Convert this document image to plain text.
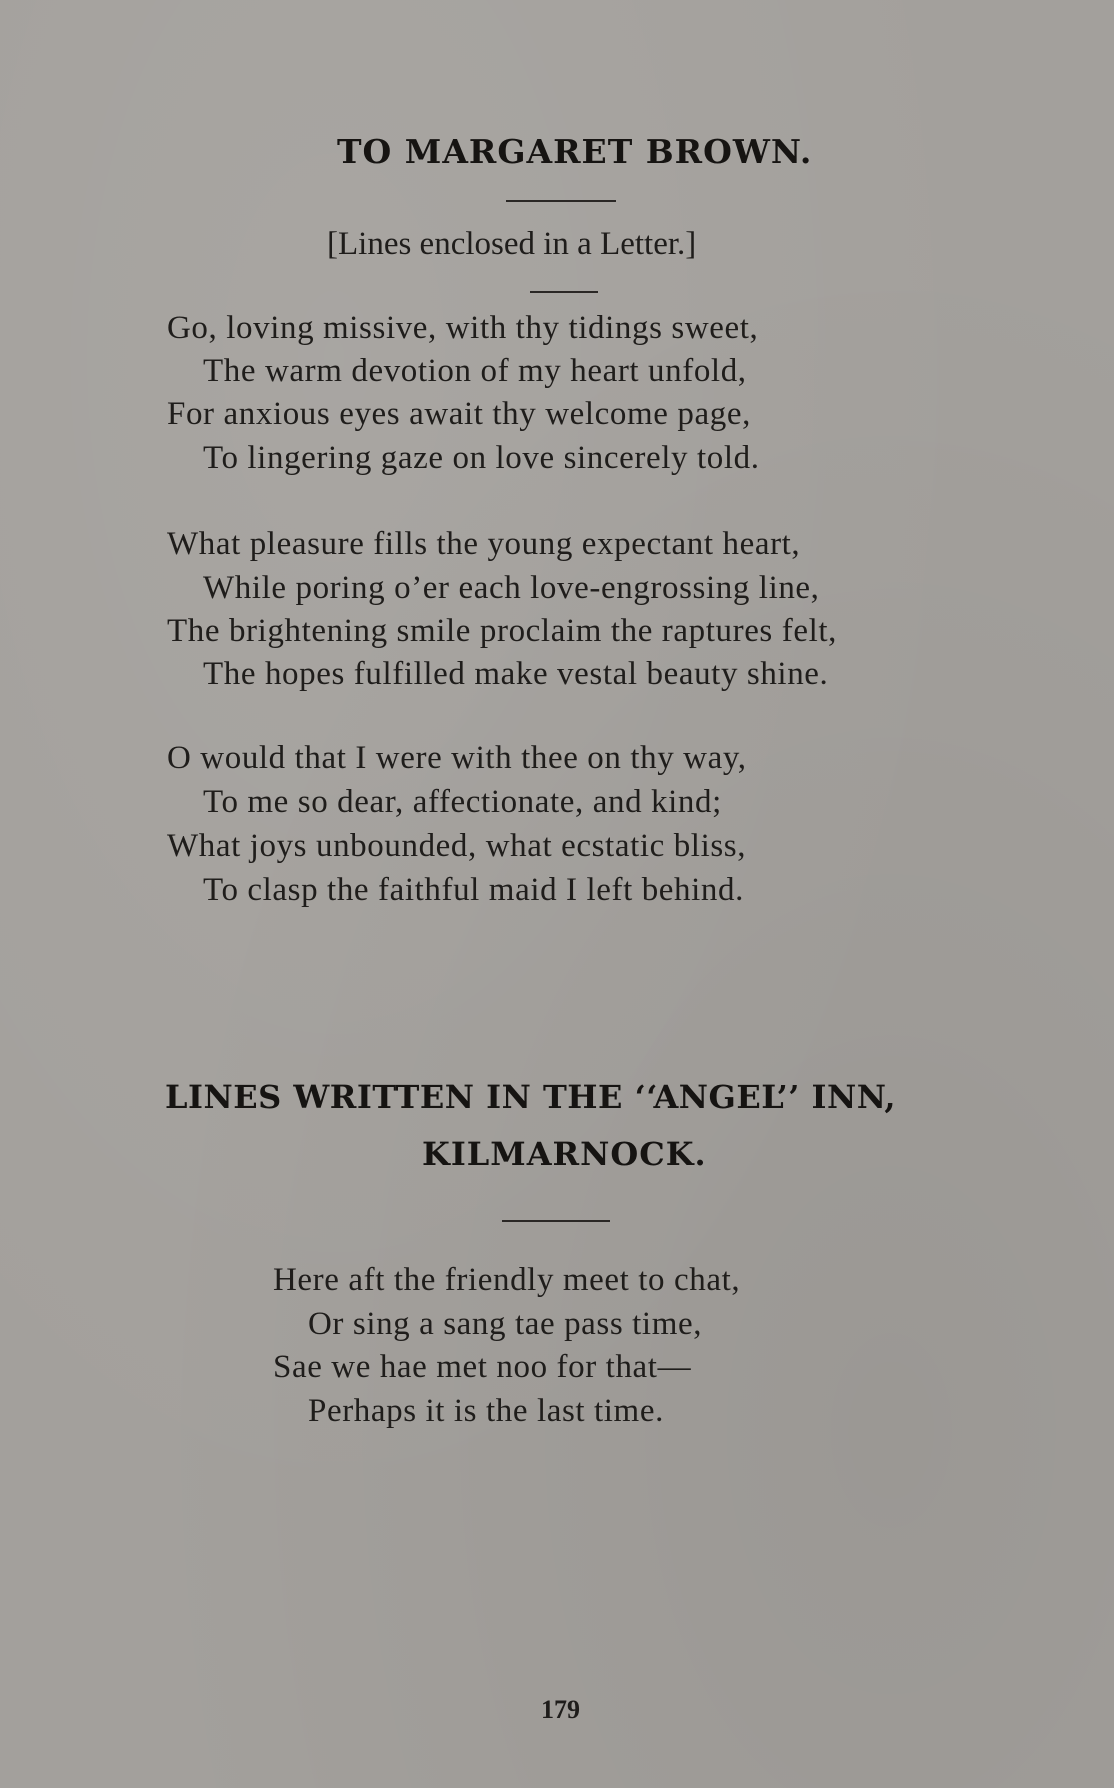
TO MARGARET BROWN.
[Lines enclosed in a Letter.]
Go, loving missive, with thy tidings sweet,
The warm devotion of my heart unfold,
For anxious eyes await thy welcome page,
To lingering gaze on love sincerely told.
What pleasure fills the young expectant heart,
While poring o’er each love-engrossing line,
The brightening smile proclaim the raptures felt,
The hopes fulfilled make vestal beauty shine.
O would that I were with thee on thy way,
To me so dear, affectionate, and kind;
What joys unbounded, what ecstatic bliss,
To clasp the faithful maid I left behind.
LINES WRITTEN IN THE ‘‘ANGEL’’ INN,
KILMARNOCK.
Here aft the friendly meet to chat,
Or sing a sang tae pass time,
Sae we hae met noo for that—
Perhaps it is the last time.
179
